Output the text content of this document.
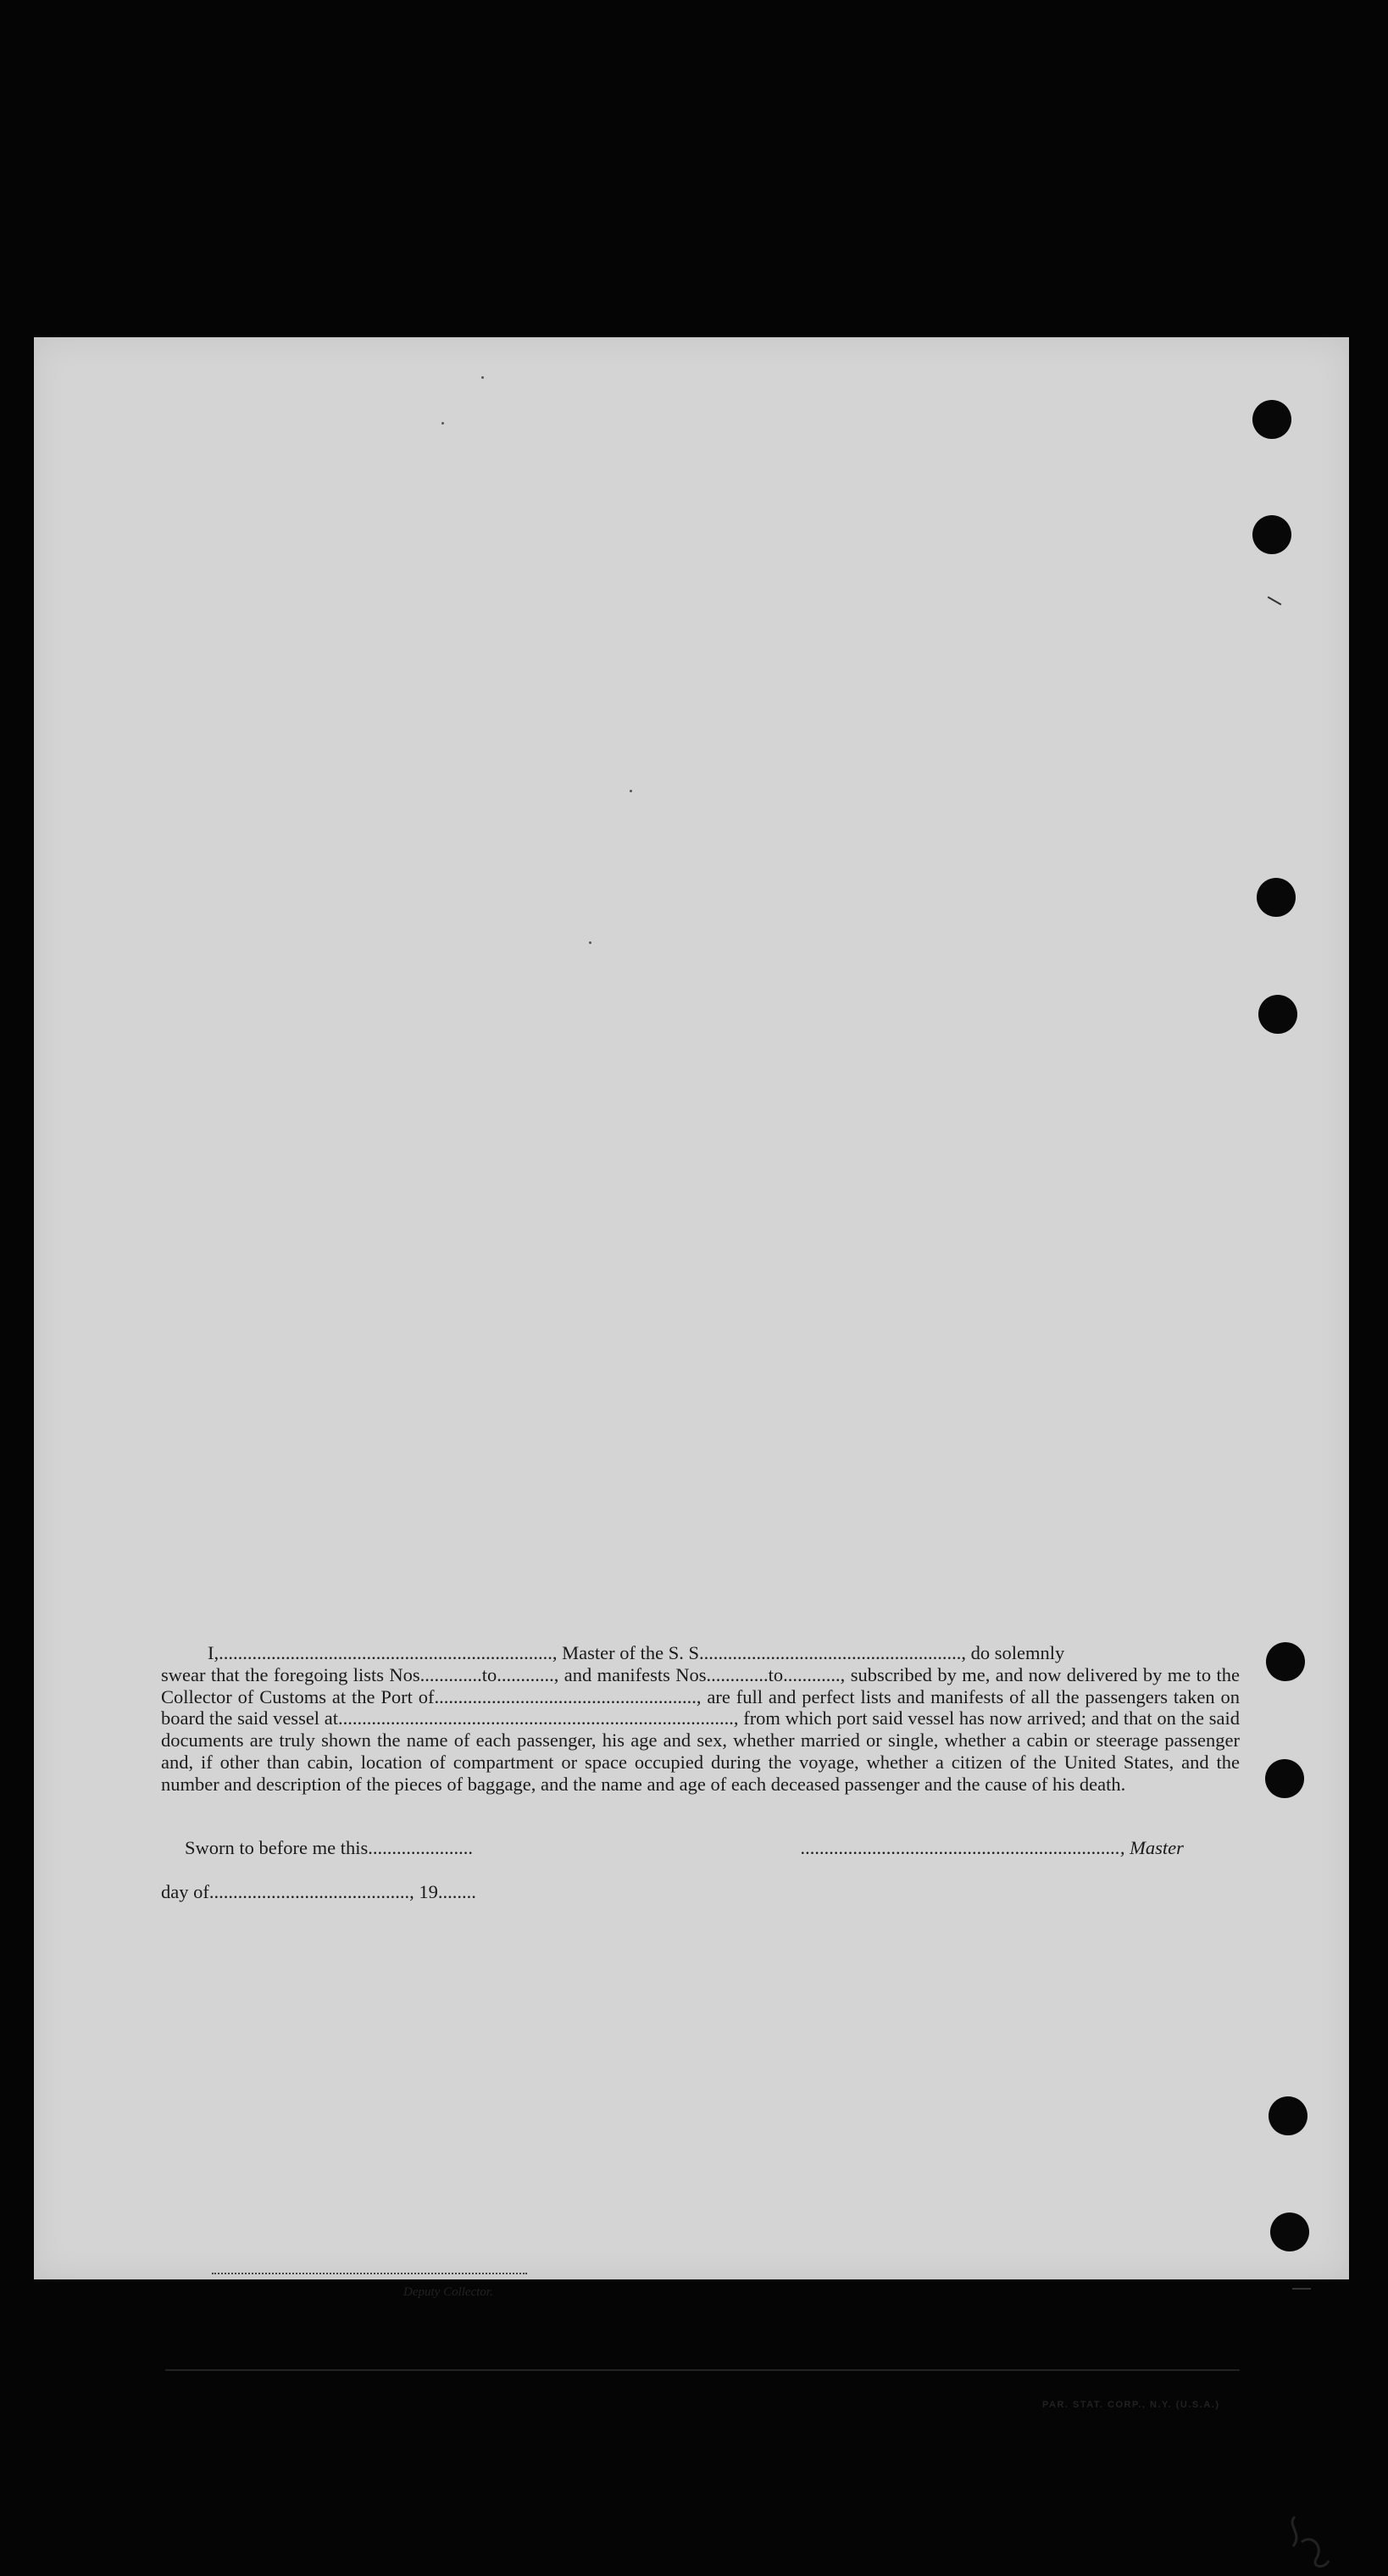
I,......................................................................, Master of the S. S......................................................., do solemnly

swear that the foregoing lists Nos.............to............, and manifests Nos.............to............, subscribed by me, and now delivered by me to the Collector of Customs at the Port of......................................................., are full and perfect lists and manifests of all the passengers taken on board the said vessel at..................................................................................., from which port said vessel has now arrived; and that on the said documents are truly shown the name of each passenger, his age and sex, whether married or single, whether a cabin or steerage passenger and, if other than cabin, location of compartment or space occupied during the voyage, whether a citizen of the United States, and the number and description of the pieces of baggage, and the name and age of each deceased passenger and the cause of his death.

Sworn to before me this......................	..................................................................., Master
day of.........................................., 19........
Deputy Collector.
PAR. STAT. CORP., N.Y. (U.S.A.)
